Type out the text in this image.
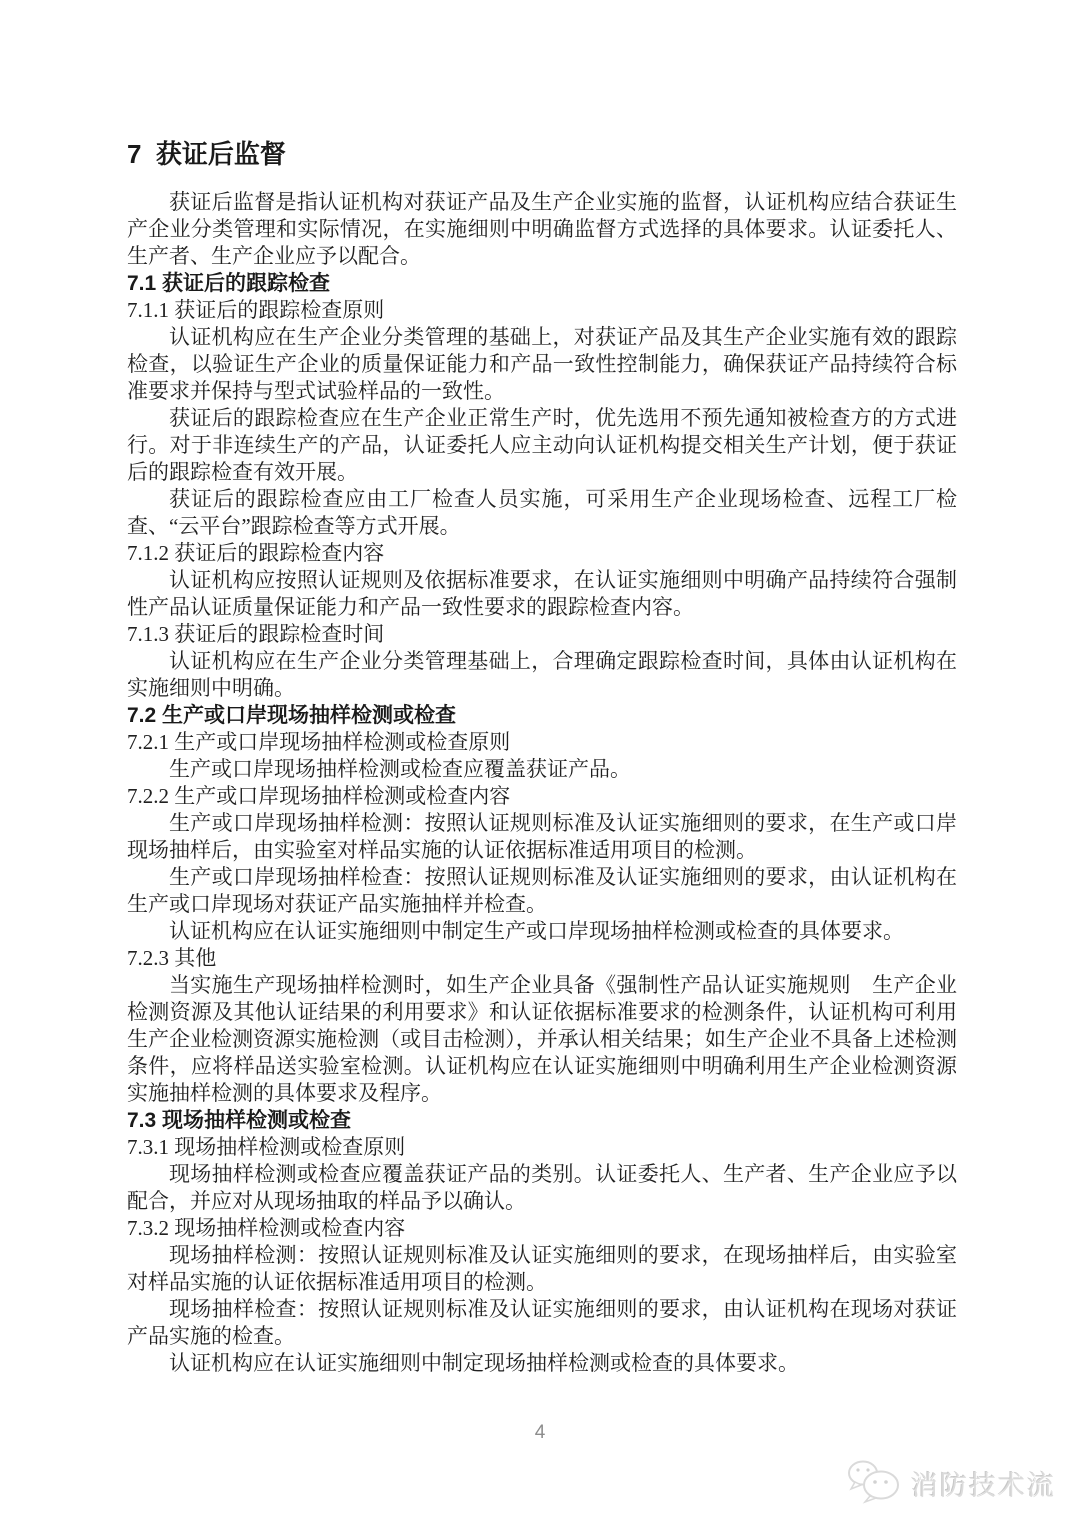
7  获证后监督

获证后监督是指认证机构对获证产品及生产企业实施的监督，认证机构应结合获证生产企业分类管理和实际情况，在实施细则中明确监督方式选择的具体要求。认证委托人、生产者、生产企业应予以配合。

7.1 获证后的跟踪检查
7.1.1 获证后的跟踪检查原则

认证机构应在生产企业分类管理的基础上，对获证产品及其生产企业实施有效的跟踪检查，以验证生产企业的质量保证能力和产品一致性控制能力，确保获证产品持续符合标准要求并保持与型式试验样品的一致性。

获证后的跟踪检查应在生产企业正常生产时，优先选用不预先通知被检查方的方式进行。对于非连续生产的产品，认证委托人应主动向认证机构提交相关生产计划，便于获证后的跟踪检查有效开展。

获证后的跟踪检查应由工厂检查人员实施，可采用生产企业现场检查、远程工厂检查、“云平台”跟踪检查等方式开展。

7.1.2 获证后的跟踪检查内容

认证机构应按照认证规则及依据标准要求，在认证实施细则中明确产品持续符合强制性产品认证质量保证能力和产品一致性要求的跟踪检查内容。

7.1.3 获证后的跟踪检查时间

认证机构应在生产企业分类管理基础上，合理确定跟踪检查时间，具体由认证机构在实施细则中明确。

7.2 生产或口岸现场抽样检测或检查
7.2.1 生产或口岸现场抽样检测或检查原则

生产或口岸现场抽样检测或检查应覆盖获证产品。

7.2.2 生产或口岸现场抽样检测或检查内容

生产或口岸现场抽样检测：按照认证规则标准及认证实施细则的要求，在生产或口岸现场抽样后，由实验室对样品实施的认证依据标准适用项目的检测。

生产或口岸现场抽样检查：按照认证规则标准及认证实施细则的要求，由认证机构在生产或口岸现场对获证产品实施抽样并检查。

认证机构应在认证实施细则中制定生产或口岸现场抽样检测或检查的具体要求。

7.2.3 其他

当实施生产现场抽样检测时，如生产企业具备《强制性产品认证实施规则　生产企业检测资源及其他认证结果的利用要求》和认证依据标准要求的检测条件，认证机构可利用生产企业检测资源实施检测（或目击检测），并承认相关结果；如生产企业不具备上述检测条件，应将样品送实验室检测。认证机构应在认证实施细则中明确利用生产企业检测资源实施抽样检测的具体要求及程序。

7.3 现场抽样检测或检查
7.3.1 现场抽样检测或检查原则

现场抽样检测或检查应覆盖获证产品的类别。认证委托人、生产者、生产企业应予以配合，并应对从现场抽取的样品予以确认。

7.3.2 现场抽样检测或检查内容

现场抽样检测：按照认证规则标准及认证实施细则的要求，在现场抽样后，由实验室对样品实施的认证依据标准适用项目的检测。

现场抽样检查：按照认证规则标准及认证实施细则的要求，由认证机构在现场对获证产品实施的检查。

认证机构应在认证实施细则中制定现场抽样检测或检查的具体要求。

4
消防技术流
